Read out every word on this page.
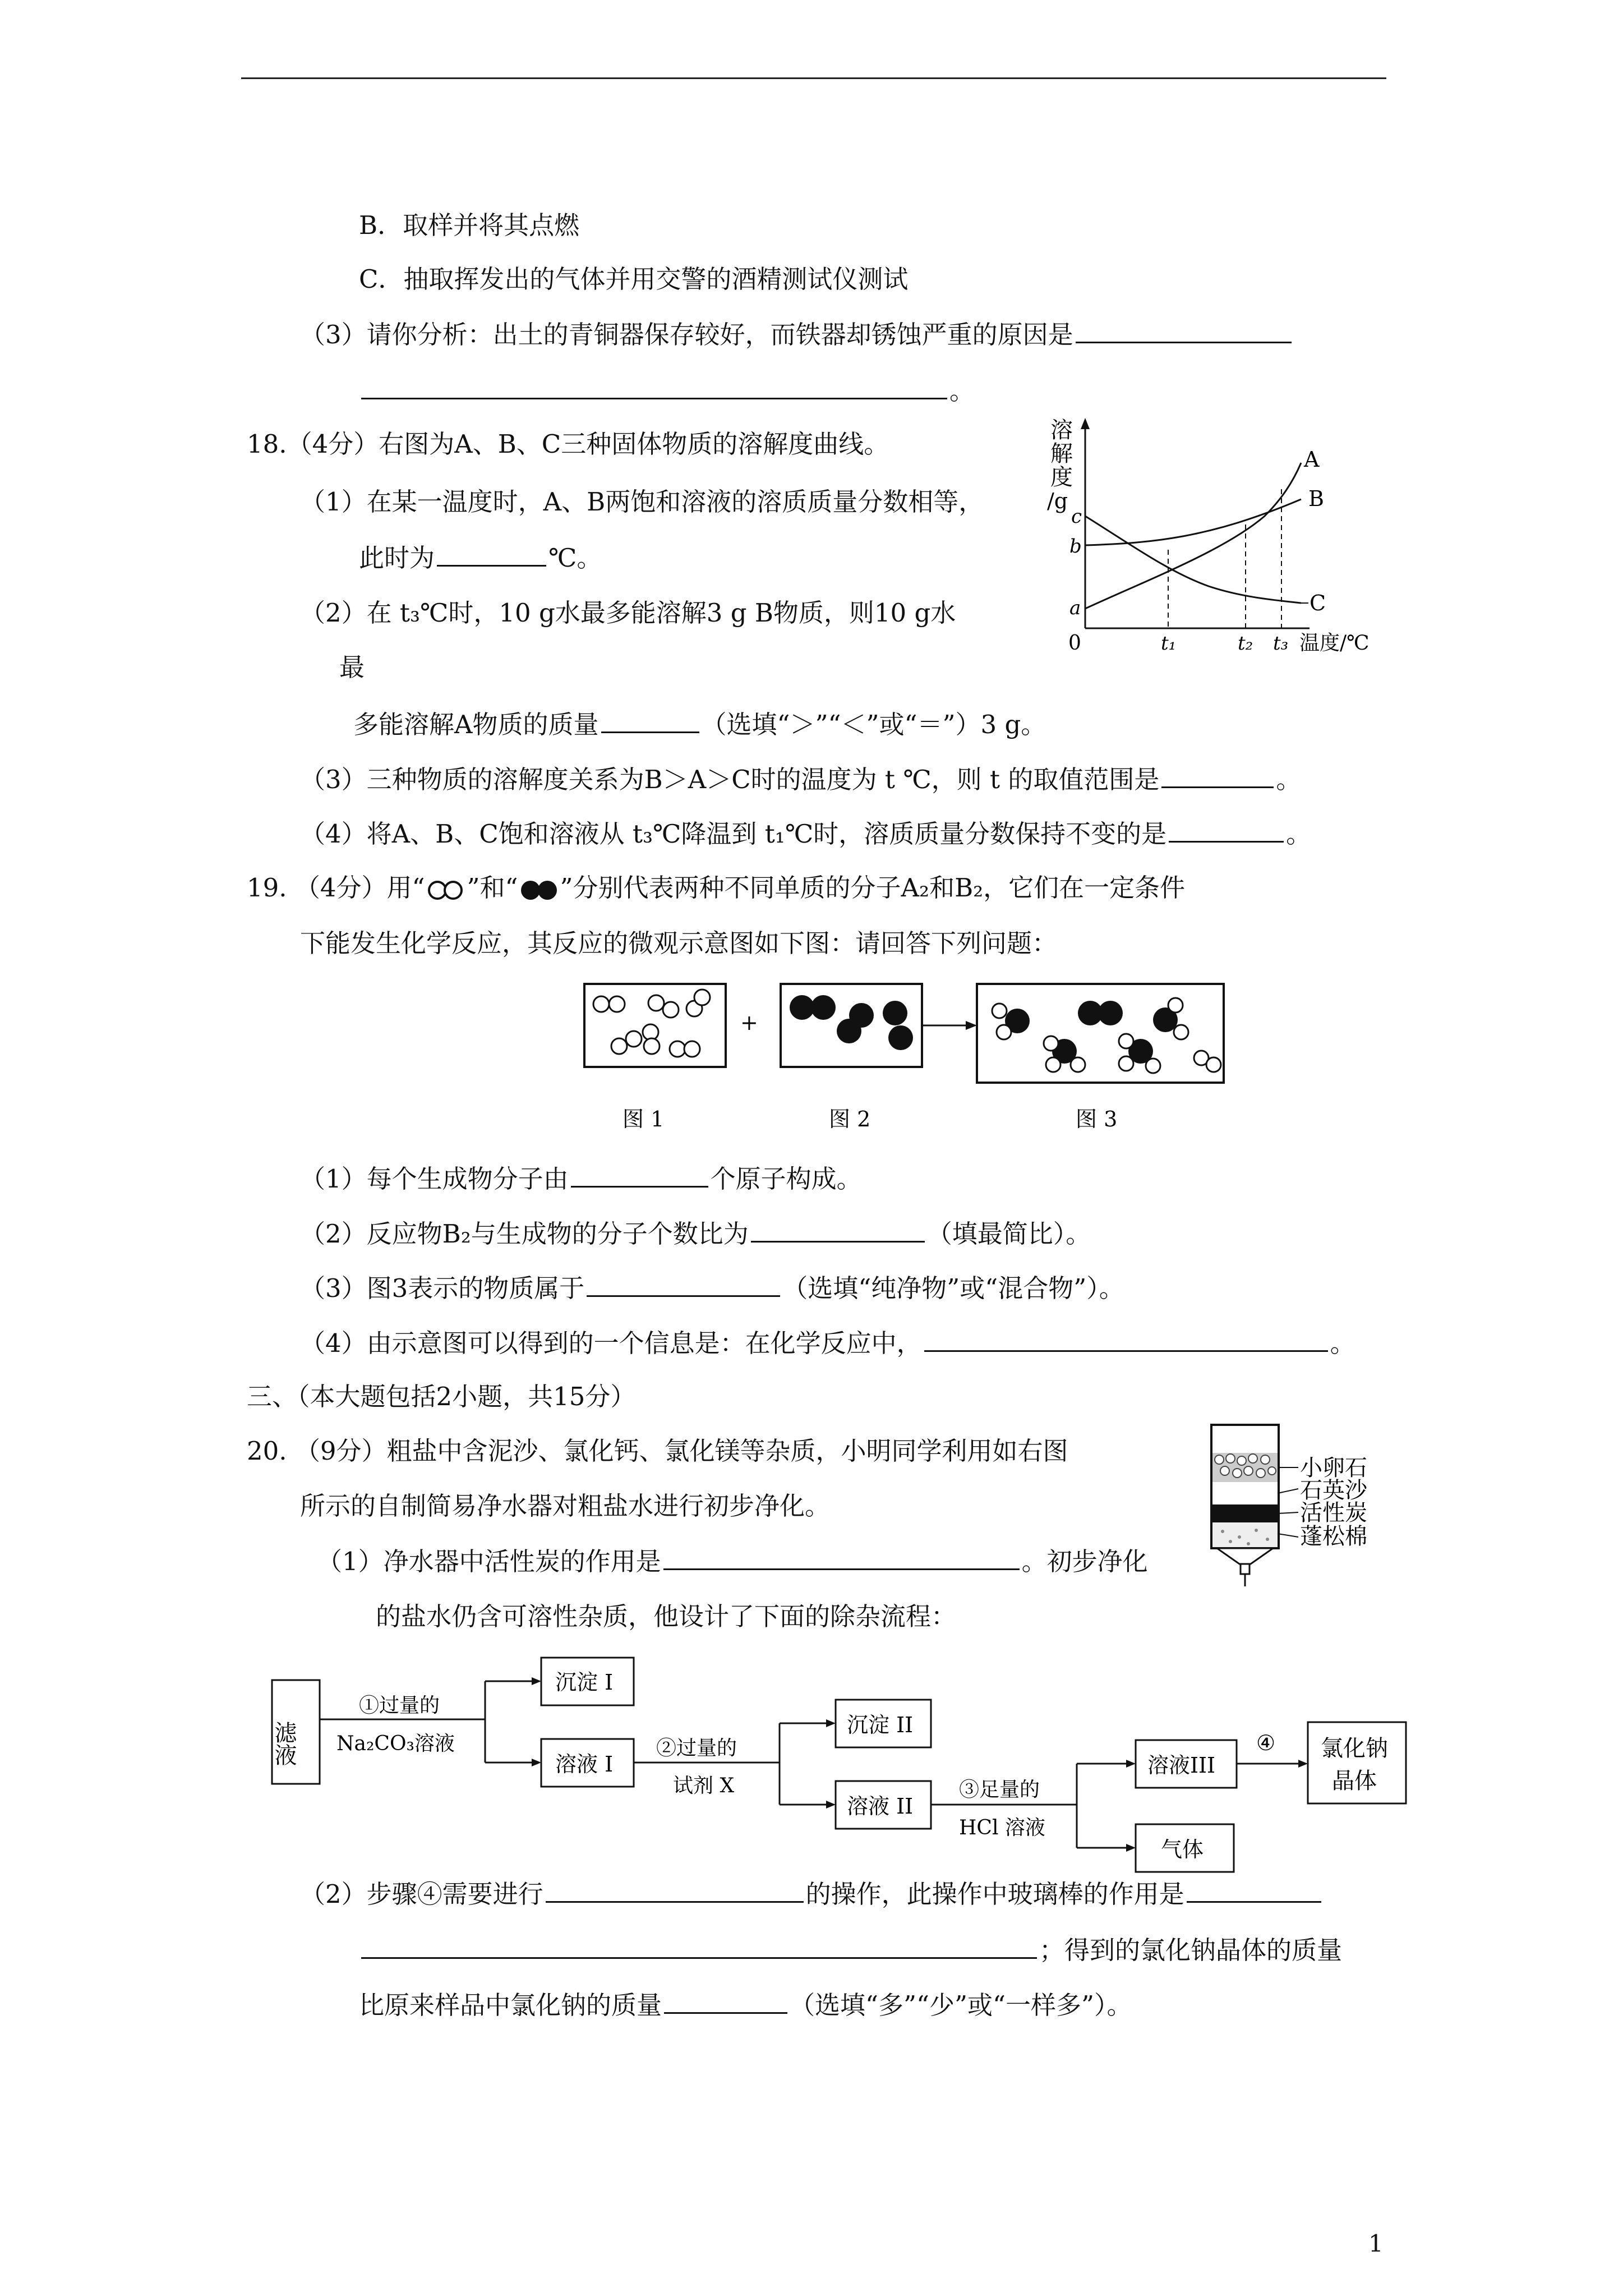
B．取样并将其点燃
C．抽取挥发出的气体并用交警的酒精测试仪测试
（3）请你分析：出土的青铜器保存较好，而铁器却锈蚀严重的原因是
。
18.（4分）右图为A、B、C三种固体物质的溶解度曲线。
（1）在某一温度时，A、B两饱和溶液的溶质质量分数相等，
此时为	℃。
（2）在 t₃℃时，10 g水最多能溶解3 g B物质，则10 g水
最
多能溶解A物质的质量	（选填“＞”“＜”或“＝”）3 g。
（3）三种物质的溶解度关系为B＞A＞C时的温度为 t ℃，则 t 的取值范围是	。
（4）将A、B、C饱和溶液从 t₃℃降温到 t₁℃时，溶质质量分数保持不变的是	。
溶
解
度
/g
c
b
a
0	t₁	t₂ t₃ 温度/℃
A
B
C
19. （4分）用“ ”和“ ”分别代表两种不同单质的分子A₂和B₂，它们在一定条件
下能发生化学反应，其反应的微观示意图如下图：请回答下列问题：
+
图 1	图 2	图 3
（1）每个生成物分子由	个原子构成。
（2）反应物B₂与生成物的分子个数比为	（填最简比）。
（3）图3表示的物质属于	（选填“纯净物”或“混合物”）。
（4）由示意图可以得到的一个信息是：在化学反应中，	。
三、（本大题包括2小题，共15分）
20. （9分）粗盐中含泥沙、氯化钙、氯化镁等杂质，小明同学利用如右图
所示的自制简易净水器对粗盐水进行初步净化。
（1）净水器中活性炭的作用是	。初步净化
的盐水仍含可溶性杂质，他设计了下面的除杂流程：
小卵石
石英沙
活性炭
蓬松棉
滤液
①过量的
Na₂CO₃溶液
沉淀 I
溶液 I
②过量的
试剂 X
沉淀 II
溶液 II
③足量的
HCl 溶液
溶液III
气体
④ 氯化钠
晶体
（2）步骤④需要进行	的操作，此操作中玻璃棒的作用是
；得到的氯化钠晶体的质量
比原来样品中氯化钠的质量	（选填“多”“少”或“一样多”）。
1
